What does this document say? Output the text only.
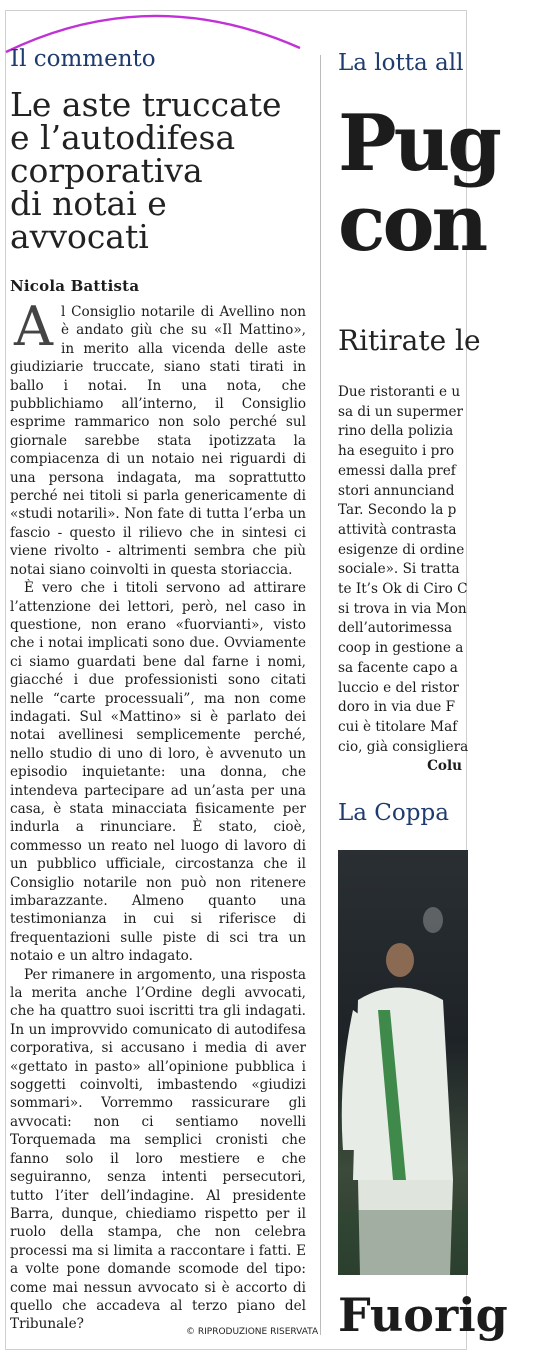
Il commento

Le aste truccate
e l’autodifesa
corporativa
di notai e avvocati

Nicola Battista

Al Consiglio notarile di Avellino non è andato giù che su «Il Mattino», in merito alla vicenda delle aste giudiziarie truccate, siano stati tirati in ballo i notai. In una nota, che pubblichiamo all’interno, il Consiglio esprime rammarico non solo perché sul giornale sarebbe stata ipotizzata la compiacenza di un notaio nei riguardi di una persona indagata, ma soprattutto perché nei titoli si parla genericamente di «studi notarili». Non fate di tutta l’erba un fascio - questo il rilievo che in sintesi ci viene rivolto - altrimenti sembra che più notai siano coinvolti in questa storiaccia.

È vero che i titoli servono ad attirare l’attenzione dei lettori, però, nel caso in questione, non erano «fuorvianti», visto che i notai implicati sono due. Ovviamente ci siamo guardati bene dal farne i nomi, giacché i due professionisti sono citati nelle “carte processuali”, ma non come indagati. Sul «Mattino» si è parlato dei notai avellinesi semplicemente perché, nello studio di uno di loro, è avvenuto un episodio inquietante: una donna, che intendeva partecipare ad un’asta per una casa, è stata minacciata fisicamente per indurla a rinunciare. È stato, cioè, commesso un reato nel luogo di lavoro di un pubblico ufficiale, circostanza che il Consiglio notarile non può non ritenere imbarazzante. Almeno quanto una testimonianza in cui si riferisce di frequentazioni sulle piste di sci tra un notaio e un altro indagato.

Per rimanere in argomento, una risposta la merita anche l’Ordine degli avvocati, che ha quattro suoi iscritti tra gli indagati. In un improvvido comunicato di autodifesa corporativa, si accusano i media di aver «gettato in pasto» all’opinione pubblica i soggetti coinvolti, imbastendo «giudizi sommari». Vorremmo rassicurare gli avvocati: non ci sentiamo novelli Torquemada ma semplici cronisti che fanno solo il loro mestiere e che seguiranno, senza intenti persecutori, tutto l’iter dell’indagine. Al presidente Barra, dunque, chiediamo rispetto per il ruolo della stampa, che non celebra processi ma si limita a raccontare i fatti. E a volte pone domande scomode del tipo: come mai nessun avvocato si è accorto di quello che accadeva al terzo piano del Tribunale?	© RIPRODUZIONE RISERVATA
La lotta all
Pug
con
Ritirate le
Due ristoranti e u
sa di un supermer
rino della polizia
ha eseguito i pro
emessi dalla pref
stori annunciand
Tar. Secondo la p
attività contrasta
esigenze di ordine
sociale». Si tratta
te It’s Ok di Ciro C
si trova in via Mon
dell’autorimessa
coop in gestione a
sa facente capo a
luccio e del ristor
doro in via due F
cui è titolare Maf
cio, già consigliera
Colu
La Coppa
Fuorig
